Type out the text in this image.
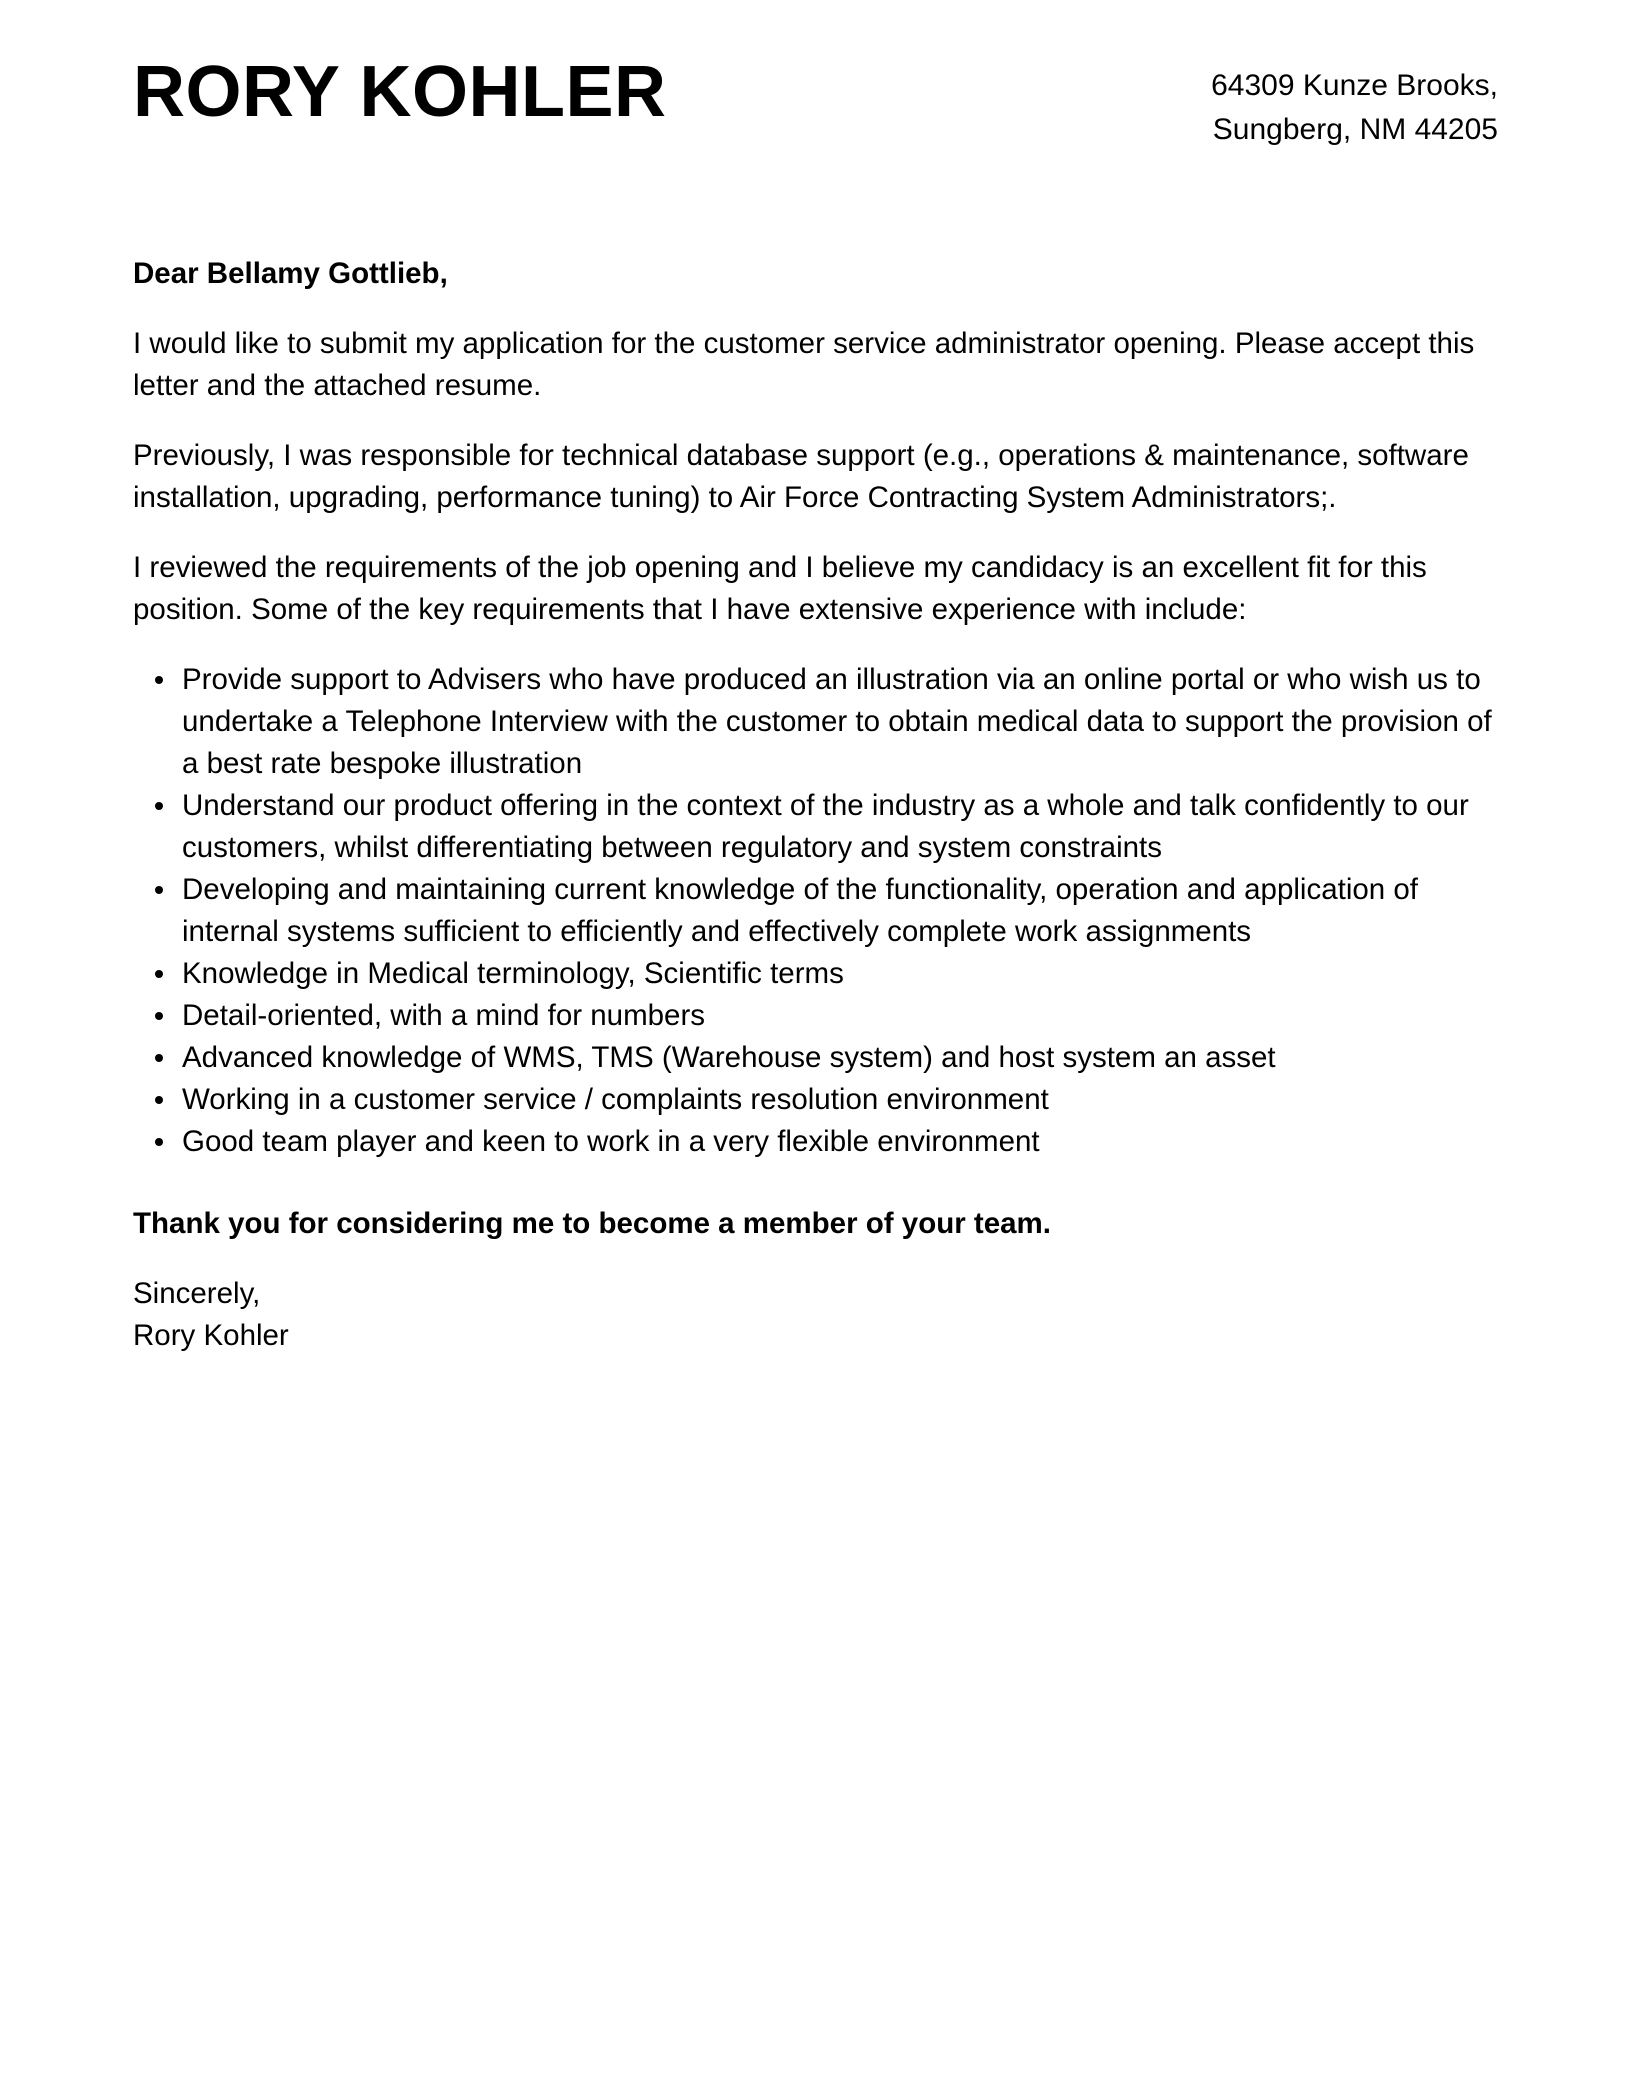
RORY KOHLER	64309 Kunze Brooks,
Sungberg, NM 44205
Dear Bellamy Gottlieb,

I would like to submit my application for the customer service administrator opening. Please accept this letter and the attached resume.

Previously, I was responsible for technical database support (e.g., operations & maintenance, software installation, upgrading, performance tuning) to Air Force Contracting System Administrators;.

I reviewed the requirements of the job opening and I believe my candidacy is an excellent fit for this position. Some of the key requirements that I have extensive experience with include:

Provide support to Advisers who have produced an illustration via an online portal or who wish us to undertake a Telephone Interview with the customer to obtain medical data to support the provision of a best rate bespoke illustration
Understand our product offering in the context of the industry as a whole and talk confidently to our customers, whilst differentiating between regulatory and system constraints
Developing and maintaining current knowledge of the functionality, operation and application of internal systems sufficient to efficiently and effectively complete work assignments
Knowledge in Medical terminology, Scientific terms
Detail-oriented, with a mind for numbers
Advanced knowledge of WMS, TMS (Warehouse system) and host system an asset
Working in a customer service / complaints resolution environment
Good team player and keen to work in a very flexible environment

Thank you for considering me to become a member of your team.

Sincerely,
Rory Kohler
